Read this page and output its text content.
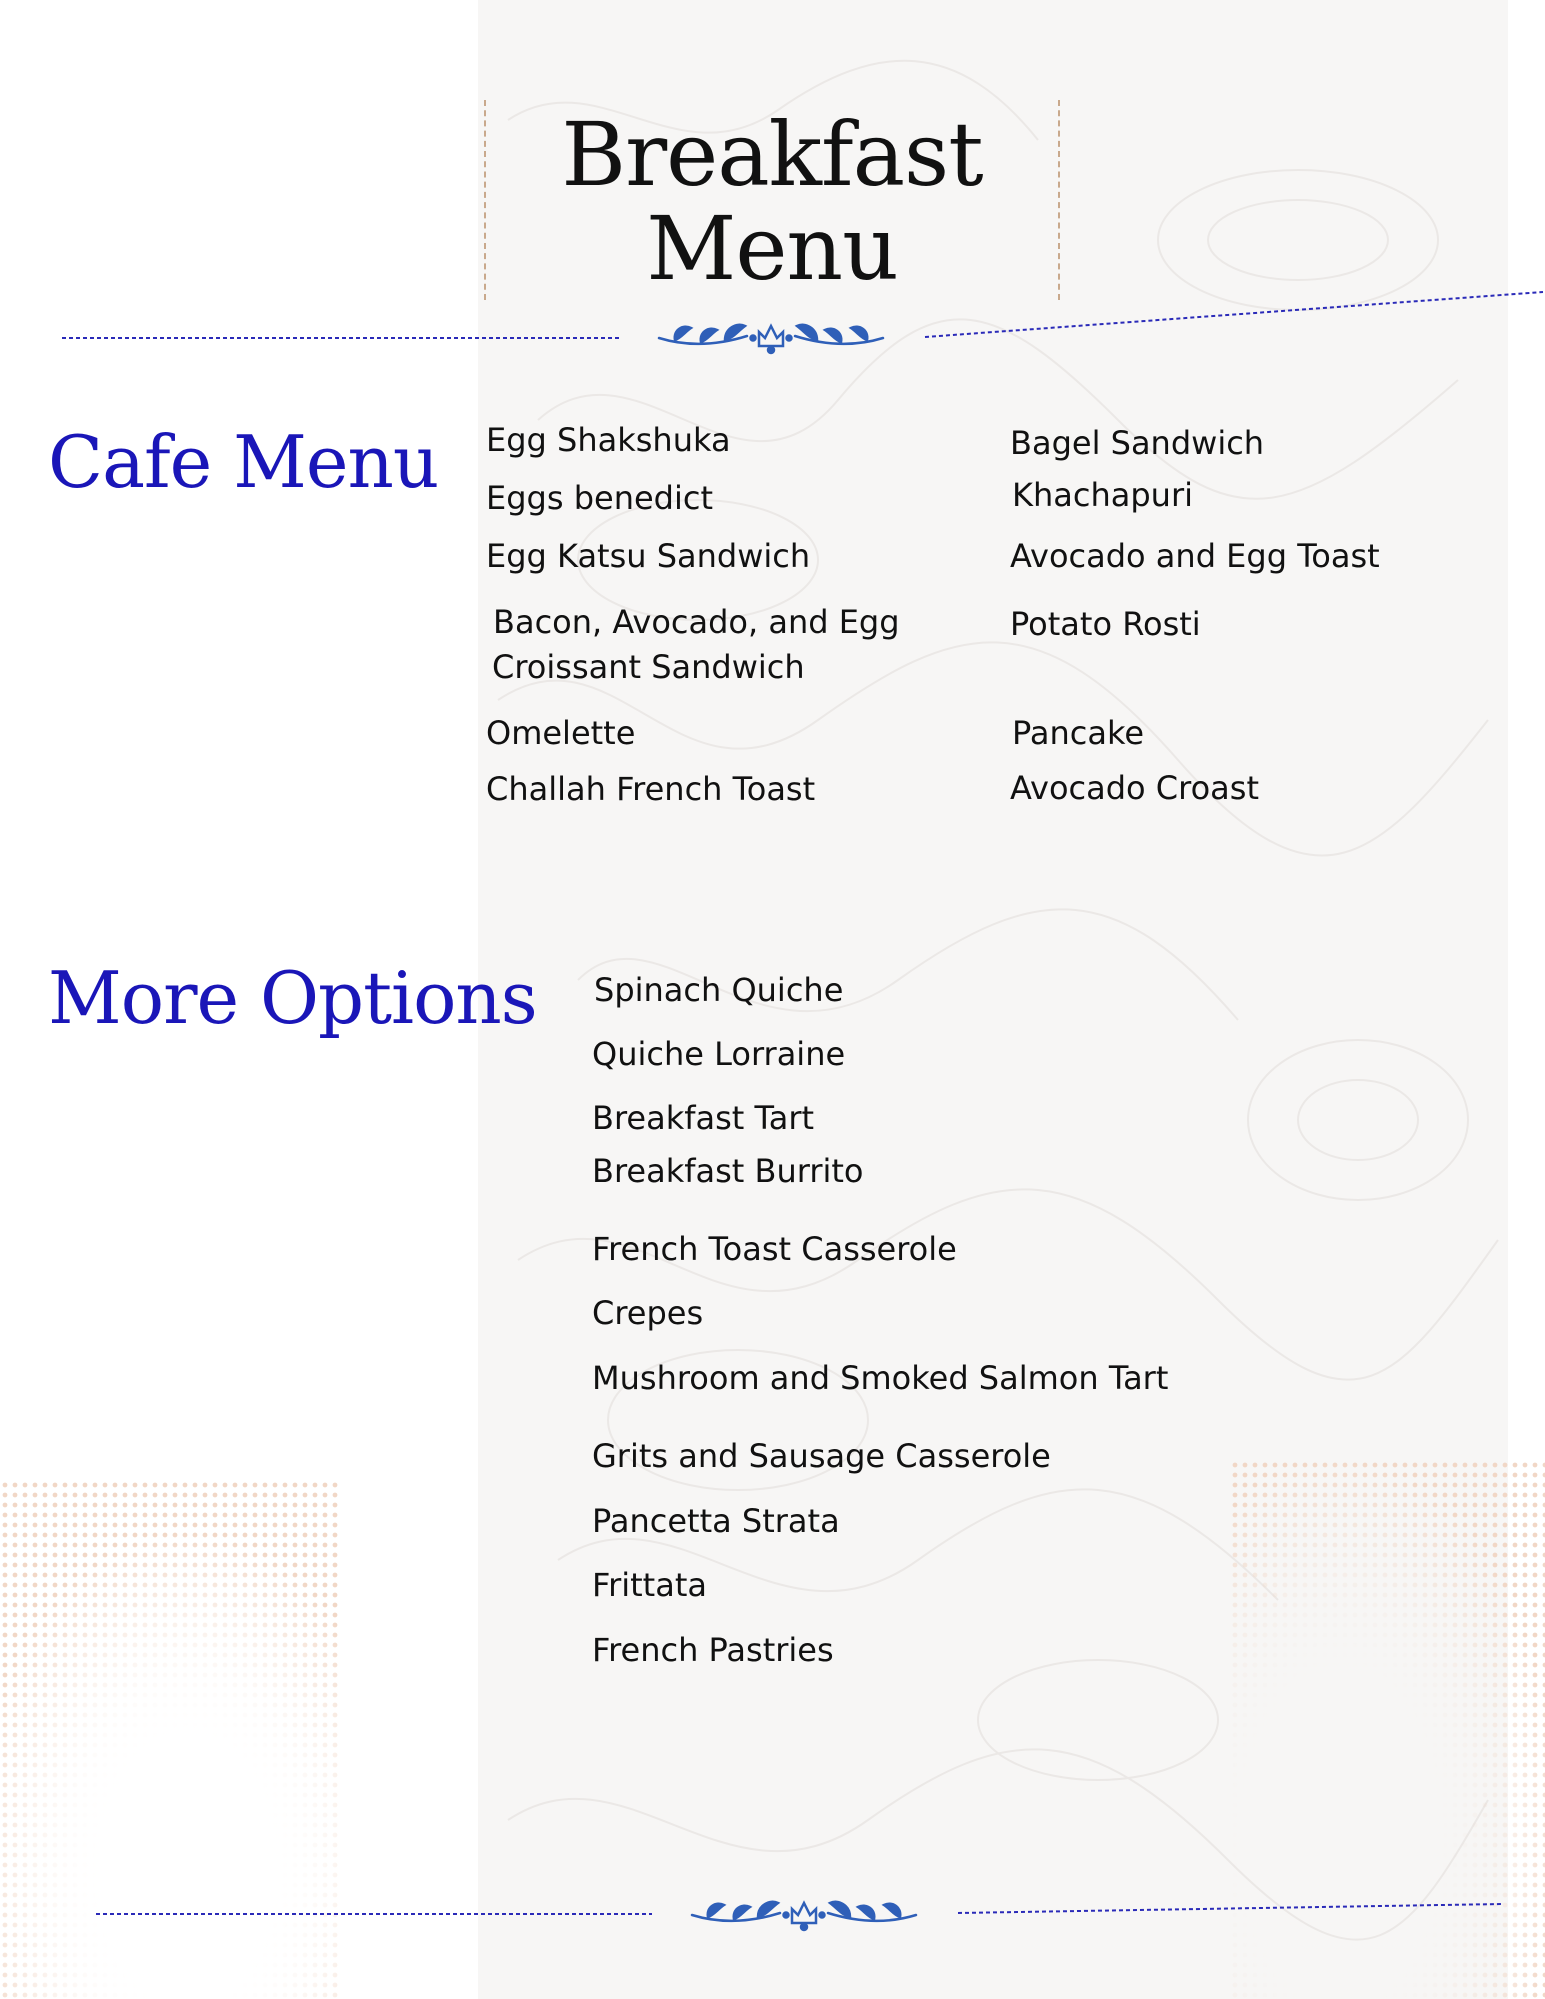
Breakfast
Menu
Cafe Menu Egg Shakshuka
Eggs benedict
Egg Katsu Sandwich
Bacon, Avocado, and Egg
Croissant Sandwich
Omelette
Challah French Toast
Bagel Sandwich
Khachapuri
Avocado and Egg Toast
Potato Rosti
Pancake
Avocado Croast
More Options Spinach Quiche
Quiche Lorraine
Breakfast Tart
Breakfast Burrito
French Toast Casserole
Crepes
Mushroom and Smoked Salmon Tart
Grits and Sausage Casserole
Pancetta Strata
Frittata
French Pastries
